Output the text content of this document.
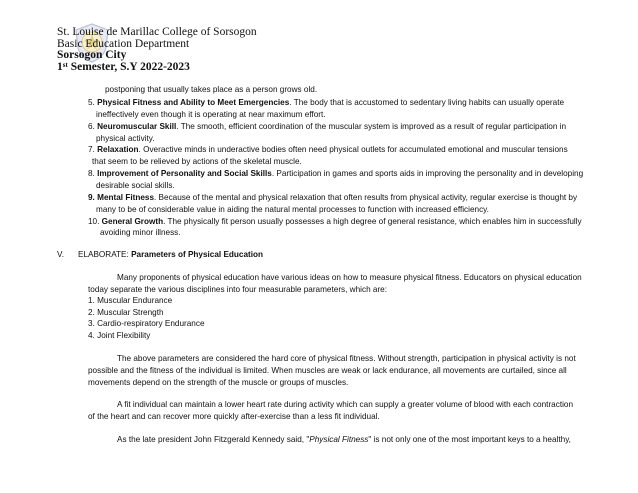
St. Louise de Marillac College of Sorsogon
Basic Education Department
Sorsogon City
1st Semester, S.Y 2022-2023
postponing that usually takes place as a person grows old.
5. Physical Fitness and Ability to Meet Emergencies. The body that is accustomed to sedentary living habits can usually operate
ineffectively even though it is operating at near maximum effort.
6. Neuromuscular Skill. The smooth, efficient coordination of the muscular system is improved as a result of regular participation in
physical activity.
7. Relaxation. Overactive minds in underactive bodies often need physical outlets for accumulated emotional and muscular tensions
that seem to be relieved by actions of the skeletal muscle.
8. Improvement of Personality and Social Skills. Participation in games and sports aids in improving the personality and in developing
desirable social skills.
9. Mental Fitness. Because of the mental and physical relaxation that often results from physical activity, regular exercise is thought by
many to be of considerable value in aiding the natural mental processes to function with increased efficiency.
10. General Growth. The physically fit person usually possesses a high degree of general resistance, which enables him in successfully
avoiding minor illness.
V. ELABORATE: Parameters of Physical Education
Many proponents of physical education have various ideas on how to measure physical fitness. Educators on physical education
today separate the various disciplines into four measurable parameters, which are:
1. Muscular Endurance
2. Muscular Strength
3. Cardio-respiratory Endurance
4. Joint Flexibility
The above parameters are considered the hard core of physical fitness. Without strength, participation in physical activity is not
possible and the fitness of the individual is limited. When muscles are weak or lack endurance, all movements are curtailed, since all
movements depend on the strength of the muscle or groups of muscles.
A fit individual can maintain a lower heart rate during activity which can supply a greater volume of blood with each contraction
of the heart and can recover more quickly after-exercise than a less fit individual.
As the late president John Fitzgerald Kennedy said, "Physical Fitness" is not only one of the most important keys to a healthy,
